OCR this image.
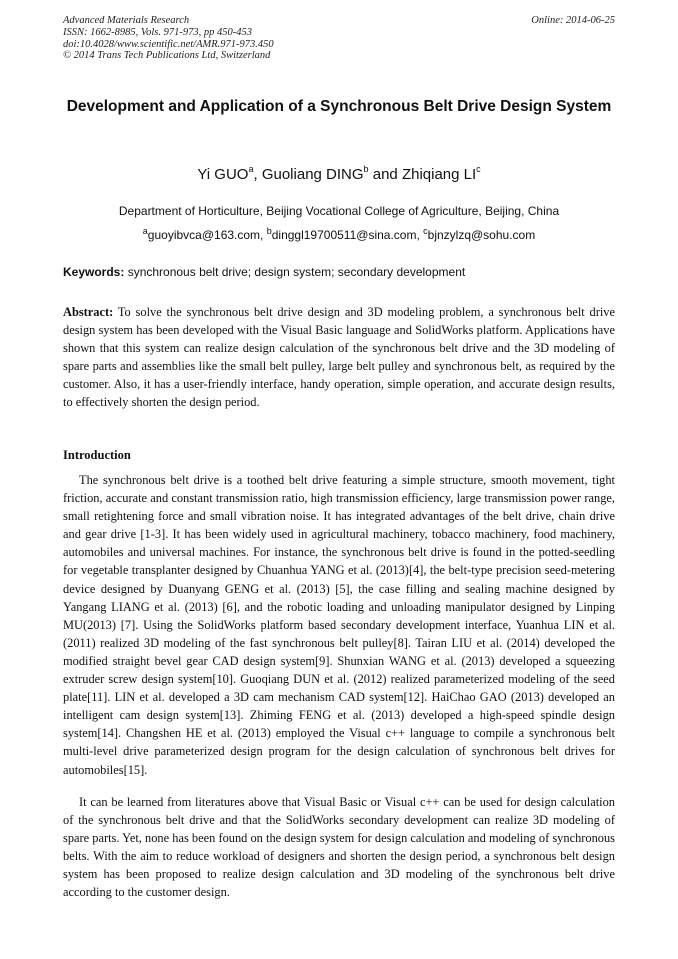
Advanced Materials Research
ISSN: 1662-8985, Vols. 971-973, pp 450-453
doi:10.4028/www.scientific.net/AMR.971-973.450
© 2014 Trans Tech Publications Ltd, Switzerland
Online: 2014-06-25
Development and Application of a Synchronous Belt Drive Design System
Yi GUO$^a$, Guoliang DING$^b$ and Zhiqiang $LI^c$
Department of Horticulture, Beijing Vocational College of Agriculture, Beijing, China
$^a$guoyibvca@163.com, $^b$dinggl19700511@sina.com, $^c$bjnzylzq@sohu.com
Keywords: synchronous belt drive; design system; secondary development

Abstract: To solve the synchronous belt drive design and 3D modeling problem, a synchronous belt drive design system has been developed with the Visual Basic language and SolidWorks platform. Applications have shown that this system can realize design calculation of the synchronous belt drive and the 3D modeling of spare parts and assemblies like the small belt pulley, large belt pulley and synchronous belt, as required by the customer. Also, it has a user-friendly interface, handy operation, simple operation, and accurate design results, to effectively shorten the design period.

Introduction

The synchronous belt drive is a toothed belt drive featuring a simple structure, smooth movement, tight friction, accurate and constant transmission ratio, high transmission efficiency, large transmission power range, small retightening force and small vibration noise. It has integrated advantages of the belt drive, chain drive and gear drive [1-3]. It has been widely used in agricultural machinery, tobacco machinery, food machinery, automobiles and universal machines. For instance, the synchronous belt drive is found in the potted-seedling for vegetable transplanter designed by Chuanhua YANG et al. (2013)[4], the belt-type precision seed-metering device designed by Duanyang GENG et al. (2013) [5], the case filling and sealing machine designed by Yangang LIANG et al. (2013) [6], and the robotic loading and unloading manipulator designed by Linping MU(2013) [7]. Using the SolidWorks platform based secondary development interface, Yuanhua LIN et al. (2011) realized 3D modeling of the fast synchronous belt pulley[8]. Tairan LIU et al. (2014) developed the modified straight bevel gear CAD design system[9]. Shunxian WANG et al. (2013) developed a squeezing extruder screw design system[10]. Guoqiang DUN et al. (2012) realized parameterized modeling of the seed plate[11]. LIN et al. developed a 3D cam mechanism CAD system[12]. HaiChao GAO (2013) developed an intelligent cam design system[13]. Zhiming FENG et al. (2013) developed a high-speed spindle design system[14]. Changshen HE et al. (2013) employed the Visual c++ language to compile a synchronous belt multi-level drive parameterized design program for the design calculation of synchronous belt drives for automobiles[15].

It can be learned from literatures above that Visual Basic or Visual c++ can be used for design calculation of the synchronous belt drive and that the SolidWorks secondary development can realize 3D modeling of spare parts. Yet, none has been found on the design system for design calculation and modeling of synchronous belts. With the aim to reduce workload of designers and shorten the design period, a synchronous belt design system has been proposed to realize design calculation and 3D modeling of the synchronous belt drive according to the customer design.
